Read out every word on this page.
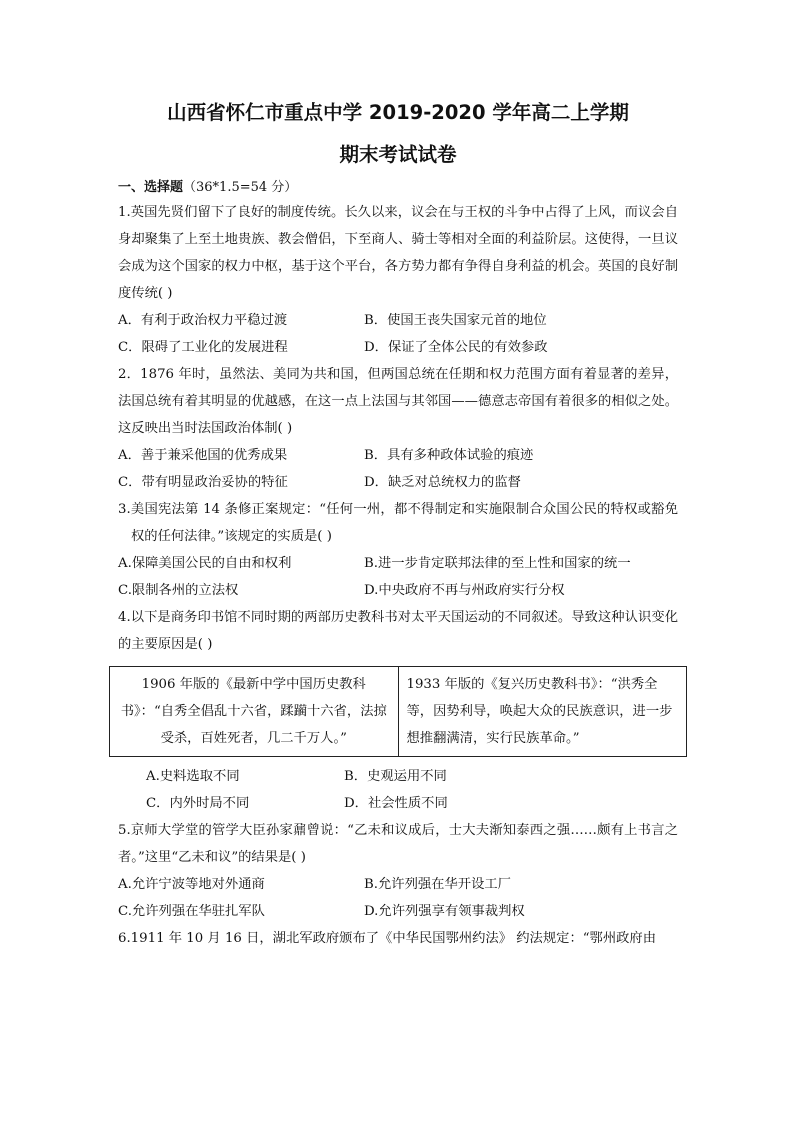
山西省怀仁市重点中学 2019-2020 学年高二上学期
期末考试试卷
一、选择题（36*1.5=54 分）
1.英国先贤们留下了良好的制度传统。长久以来，议会在与王权的斗争中占得了上风，而议会自身却聚集了上至土地贵族、教会僧侣，下至商人、骑士等相对全面的利益阶层。这使得，一旦议会成为这个国家的权力中枢，基于这个平台，各方势力都有争得自身利益的机会。英国的良好制度传统( )
A．有利于政治权力平稳过渡	B．使国王丧失国家元首的地位
C．限碍了工业化的发展进程	D．保证了全体公民的有效参政
2．1876 年时，虽然法、美同为共和国，但两国总统在任期和权力范围方面有着显著的差异，法国总统有着其明显的优越感，在这一点上法国与其邻国——德意志帝国有着很多的相似之处。这反映出当时法国政治体制( )
A．善于兼采他国的优秀成果	B．具有多种政体试验的痕迹
C．带有明显政治妥协的特征	D．缺乏对总统权力的监督
3.美国宪法第 14 条修正案规定：“任何一州，都不得制定和实施限制合众国公民的特权或豁免权的任何法律。”该规定的实质是( )
A.保障美国公民的自由和权利	B.进一步肯定联邦法律的至上性和国家的统一
C.限制各州的立法权	D.中央政府不再与州政府实行分权
4.以下是商务印书馆不同时期的两部历史教科书对太平天国运动的不同叙述。导致这种认识变化的主要原因是( )
1906 年版的《最新中学中国历史教科书》：“自秀全倡乱十六省，蹂躏十六省，法掠受杀，百姓死者，几二千万人。”	1933 年版的《复兴历史教科书》：“洪秀全等，因势利导，唤起大众的民族意识，进一步想推翻满清，实行民族革命。”
A.史料选取不同	B．史观运用不同
C．内外时局不同	D．社会性质不同
5.京师大学堂的管学大臣孙家鼐曾说：“乙未和议成后，士大夫渐知泰西之强……颇有上书言之者。”这里“乙未和议”的结果是( )
A.允许宁波等地对外通商	B.允许列强在华开设工厂
C.允许列强在华驻扎军队	D.允许列强享有领事裁判权
6.1911 年 10 月 16 日，湖北军政府颁布了《中华民国鄂州约法》 约法规定：“鄂州政府由
